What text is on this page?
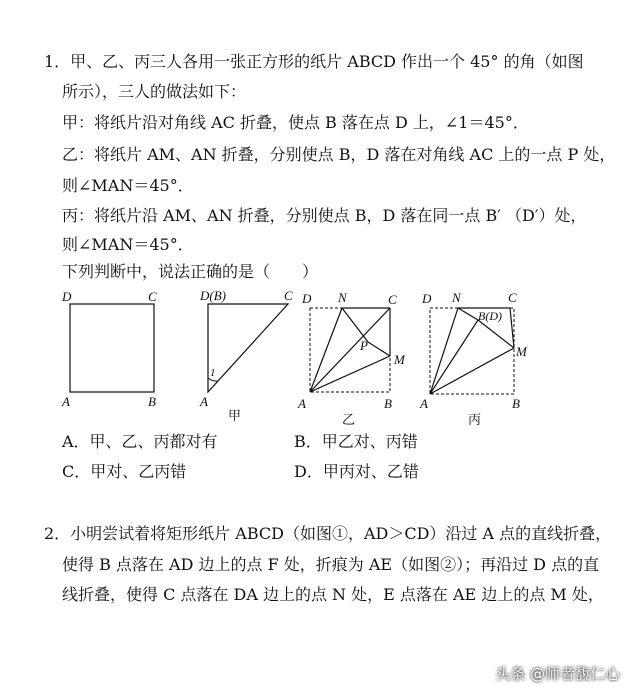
1．甲、乙、丙三人各用一张正方形的纸片 ABCD 作出一个 45° 的角（如图
所示），三人的做法如下：
甲：将纸片沿对角线 AC 折叠，使点 B 落在点 D 上，∠1＝45°．
乙：将纸片 AM、AN 折叠，分别使点 B，D 落在对角线 AC 上的一点 P 处，
则∠MAN＝45°．
丙：将纸片沿 AM、AN 折叠，分别使点 B，D 落在同一点 B′ （D′）处，
则∠MAN＝45°．
下列判断中，说法正确的是（　　）
D	C
A	B
D(B)	C
1
A
甲
D N	C
P
M
A	B
乙
D N	C
B(D)
M
A	B
丙
A．甲、乙、丙都对有	B．甲乙对、丙错
C．甲对、乙丙错	D．甲丙对、乙错
2．小明尝试着将矩形纸片 ABCD（如图①，AD＞CD）沿过 A 点的直线折叠，
使得 B 点落在 AD 边上的点 F 处，折痕为 AE（如图②）；再沿过 D 点的直
线折叠，使得 C 点落在 DA 边上的点 N 处，E 点落在 AE 边上的点 M 处，
头条 @师者馥仁心
